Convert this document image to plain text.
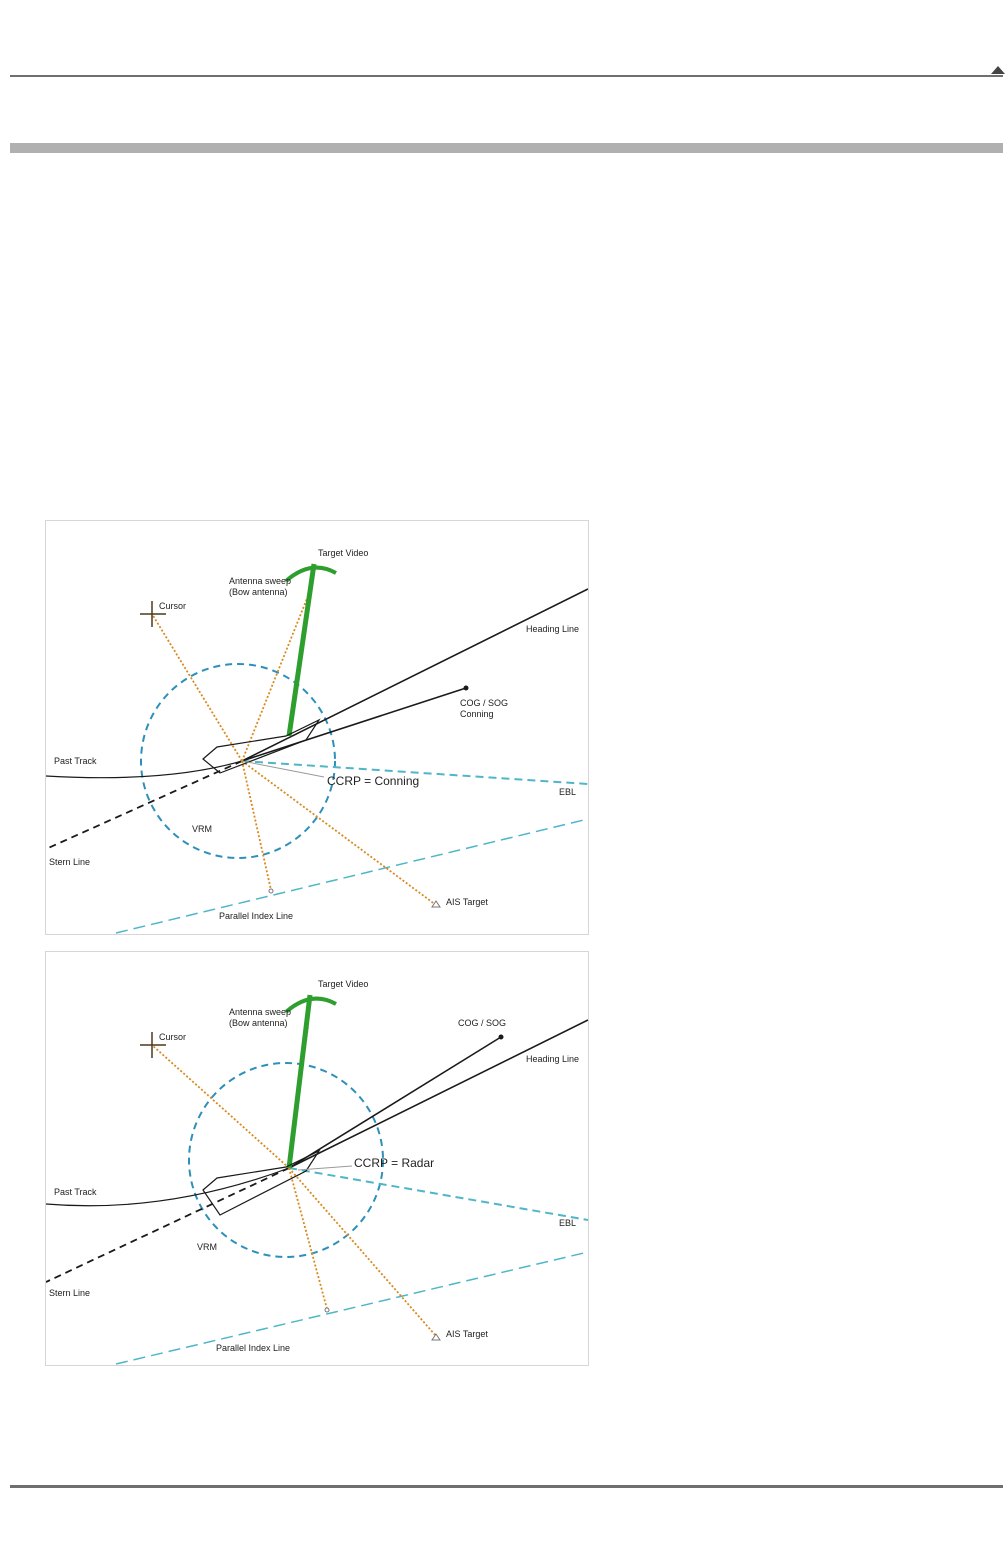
Target Video
Antenna sweep
(Bow antenna)
Cursor
Heading Line
COG / SOG
Conning
Past Track
CCRP = Conning
EBL
VRM
Stern Line
Parallel Index Line
AIS Target
Target Video
Antenna sweep
(Bow antenna)
Cursor
COG / SOG
Heading Line
Past Track
CCRP = Radar
EBL
VRM
Stern Line
Parallel Index Line
AIS Target
